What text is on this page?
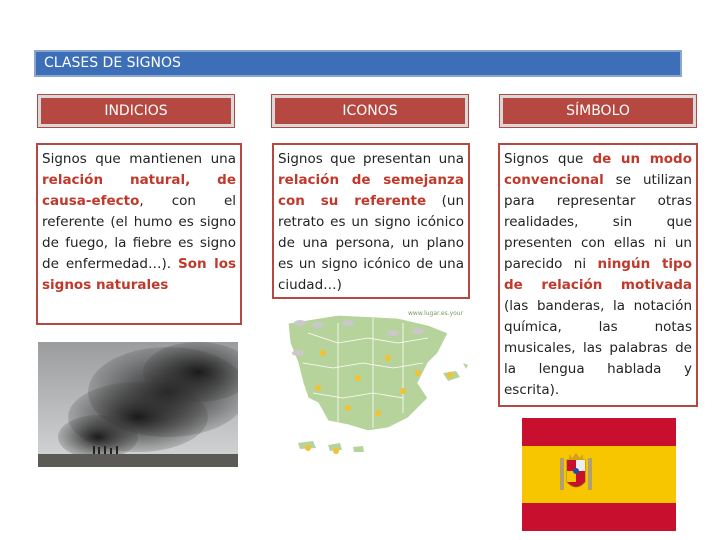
CLASES DE SIGNOS
INDICIOS	ICONOS	SÍMBOLO
Signos que mantienen una relación natural, de causa-efecto, con el referente (el humo es signo de fuego, la fiebre es signo de enfermedad…). Son los signos naturales
Signos que presentan una relación de semejanza con su referente (un retrato es un signo icónico de una persona, un plano es un signo icónico de una ciudad…)
Signos que de un modo convencional se utilizan para representar otras realidades, sin que presenten con ellas ni un parecido ni ningún tipo de relación motivada (las banderas, la notación química, las notas musicales, las palabras de la lengua hablada y escrita).
www.lugar.es.your
